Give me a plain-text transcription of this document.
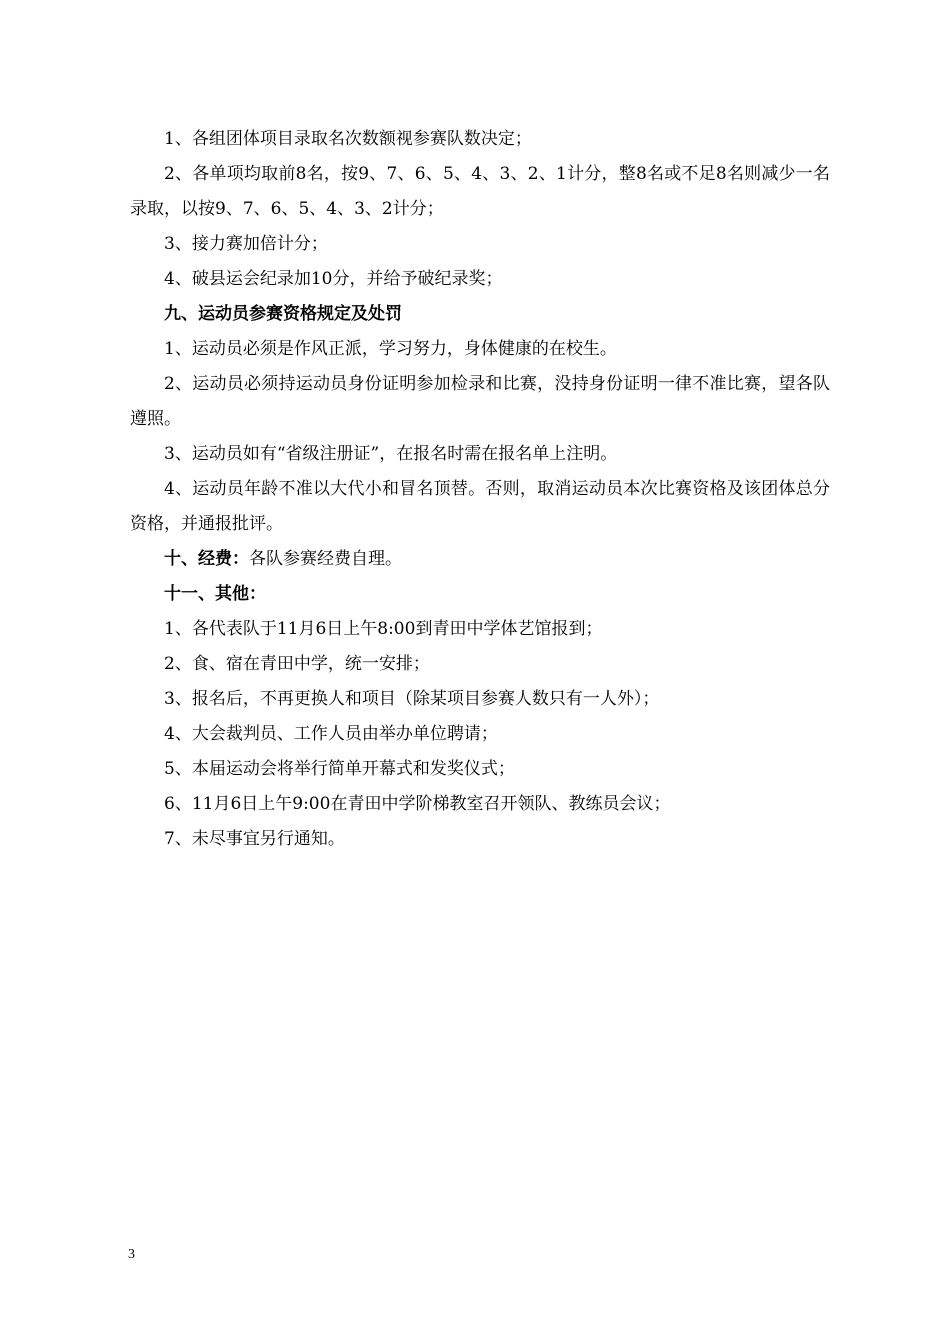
1、各组团体项目录取名次数额视参赛队数决定；
2、各单项均取前8名，按9、7、6、5、4、3、2、1计分，整8名或不足8名则减少一名录取，以按9、7、6、5、4、3、2计分；
3、接力赛加倍计分；
4、破县运会纪录加10分，并给予破纪录奖；
九、运动员参赛资格规定及处罚
1、运动员必须是作风正派，学习努力，身体健康的在校生。
2、运动员必须持运动员身份证明参加检录和比赛，没持身份证明一律不准比赛，望各队遵照。
3、运动员如有“省级注册证”，在报名时需在报名单上注明。
4、运动员年龄不准以大代小和冒名顶替。否则，取消运动员本次比赛资格及该团体总分资格，并通报批评。
十、经费：各队参赛经费自理。
十一、其他：
1、各代表队于11月6日上午8:00到青田中学体艺馆报到；
2、食、宿在青田中学，统一安排；
3、报名后，不再更换人和项目（除某项目参赛人数只有一人外）；
4、大会裁判员、工作人员由举办单位聘请；
5、本届运动会将举行简单开幕式和发奖仪式；
6、11月6日上午9:00在青田中学阶梯教室召开领队、教练员会议；
7、未尽事宜另行通知。
3
